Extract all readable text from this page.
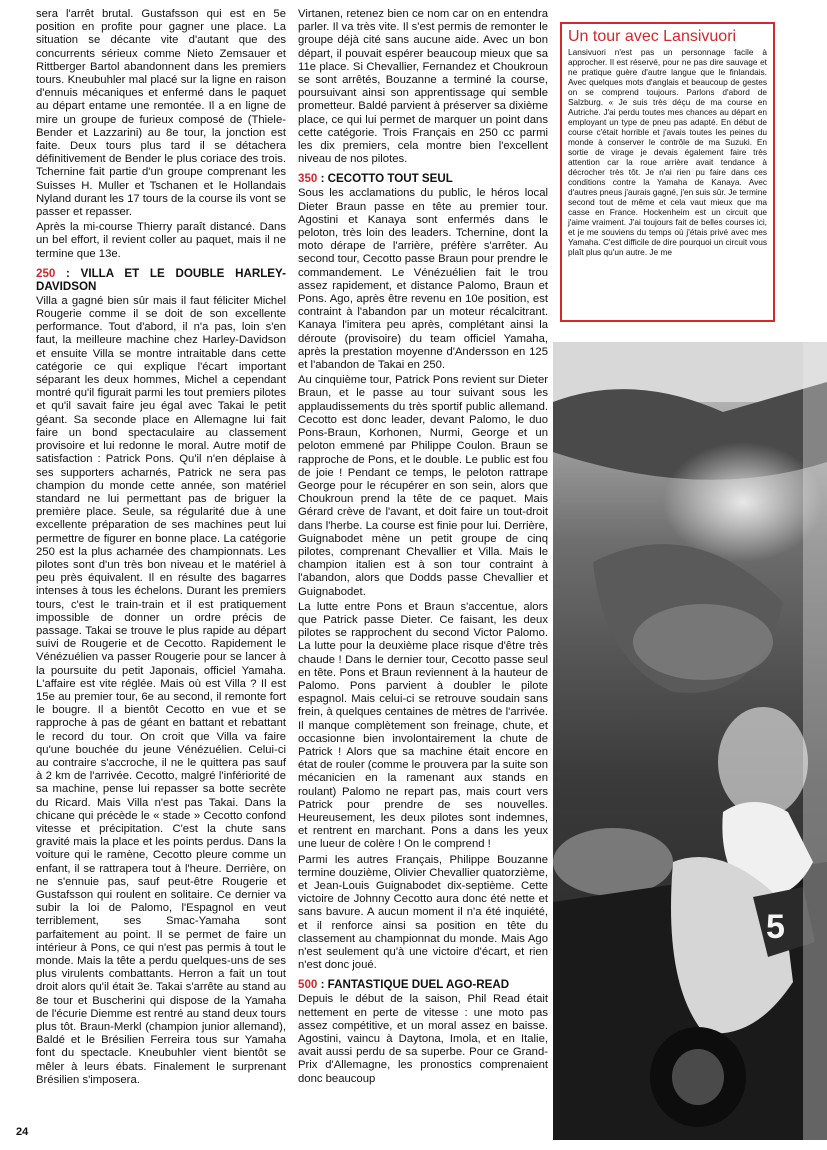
sera l'arrêt brutal. Gustafsson qui est en 5e position en profite pour gagner une place. La situation se décante vite d'autant que des concurrents sérieux comme Nieto Zemsauer et Rittberger Bartol abandonnent dans les premiers tours. Kneubuhler mal placé sur la ligne en raison d'ennuis mécaniques et enfermé dans le paquet au départ entame une remontée. Il a en ligne de mire un groupe de furieux composé de (Thiele-Bender et Lazzarini) au 8e tour, la jonction est faite. Deux tours plus tard il se détachera définitivement de Bender le plus coriace des trois. Tchernine fait partie d'un groupe comprenant les Suisses H. Muller et Tschanen et le Hollandais Nyland durant les 17 tours de la course ils vont se passer et repasser.

Après la mi-course Thierry paraît distancé. Dans un bel effort, il revient coller au paquet, mais il ne termine que 13e.

250 : VILLA ET LE DOUBLE HARLEY-DAVIDSON

Villa a gagné bien sûr mais il faut féliciter Michel Rougerie comme il se doit de son excellente performance. Tout d'abord, il n'a pas, loin s'en faut, la meilleure machine chez Harley-Davidson et ensuite Villa se montre intraitable dans cette catégorie ce qui explique l'écart important séparant les deux hommes, Michel a cependant montré qu'il figurait parmi les tout premiers pilotes et qu'il savait faire jeu égal avec Takai le petit géant. Sa seconde place en Allemagne lui fait faire un bond spectaculaire au classement provisoire et lui redonne le moral. Autre motif de satisfaction : Patrick Pons. Qu'il n'en déplaise à ses supporters acharnés, Patrick ne sera pas champion du monde cette année, son matériel standard ne lui permettant pas de briguer la première place. Seule, sa régularité due à une excellente préparation de ses machines peut lui permettre de figurer en bonne place. La catégorie 250 est la plus acharnée des championnats. Les pilotes sont d'un très bon niveau et le matériel à peu près équivalent. Il en résulte des bagarres intenses à tous les échelons. Durant les premiers tours, c'est le train-train et il est pratiquement impossible de donner un ordre précis de passage. Takai se trouve le plus rapide au départ suivi de Rougerie et de Cecotto. Rapidement le Vénézuélien va passer Rougerie pour se lancer à la poursuite du petit Japonais, officiel Yamaha. L'affaire est vite réglée. Mais où est Villa ? Il est 15e au premier tour, 6e au second, il remonte fort le bougre. Il a bientôt Cecotto en vue et se rapproche à pas de géant en battant et rebattant le record du tour. On croit que Villa va faire qu'une bouchée du jeune Vénézuélien. Celui-ci au contraire s'accroche, il ne le quittera pas sauf à 2 km de l'arrivée. Cecotto, malgré l'infériorité de sa machine, pense lui repasser sa botte secrète du Ricard. Mais Villa n'est pas Takai. Dans la chicane qui précède le « stade » Cecotto confond vitesse et précipitation. C'est la chute sans gravité mais la place et les points perdus. Dans la voiture qui le ramène, Cecotto pleure comme un enfant, il se rattrapera tout à l'heure. Derrière, on ne s'ennuie pas, sauf peut-être Rougerie et Gustafsson qui roulent en solitaire. Ce dernier va subir la loi de Palomo, l'Espagnol en veut terriblement, ses Smac-Yamaha sont parfaitement au point. Il se permet de faire un intérieur à Pons, ce qui n'est pas permis à tout le monde. Mais la tête a perdu quelques-uns de ses plus virulents combattants. Herron a fait un tout droit alors qu'il était 3e. Takai s'arrête au stand au 8e tour et Buscherini qui dispose de la Yamaha de l'écurie Diemme est rentré au stand deux tours plus tôt. Braun-Merkl (champion junior allemand), Baldé et le Brésilien Ferreira tous sur Yamaha font du spectacle. Kneubuhler vient bientôt se mêler à leurs ébats. Finalement le surprenant Brésilien s'imposera.

Virtanen, retenez bien ce nom car on en entendra parler. Il va très vite. Il s'est permis de remonter le groupe déjà cité sans aucune aide. Avec un bon départ, il pouvait espérer beaucoup mieux que sa 11e place. Si Chevallier, Fernandez et Choukroun se sont arrêtés, Bouzanne a terminé la course, poursuivant ainsi son apprentissage qui semble prometteur. Baldé parvient à préserver sa dixième place, ce qui lui permet de marquer un point dans cette catégorie. Trois Français en 250 cc parmi les dix premiers, cela montre bien l'excellent niveau de nos pilotes.

350 : CECOTTO TOUT SEUL

Sous les acclamations du public, le héros local Dieter Braun passe en tête au premier tour. Agostini et Kanaya sont enfermés dans le peloton, très loin des leaders. Tchernine, dont la moto dérape de l'arrière, préfère s'arrêter. Au second tour, Cecotto passe Braun pour prendre le commandement. Le Vénézuélien fait le trou assez rapidement, et distance Palomo, Braun et Pons. Ago, après être revenu en 10e position, est contraint à l'abandon par un moteur récalcitrant. Kanaya l'imitera peu après, complétant ainsi la déroute (provisoire) du team officiel Yamaha, après la prestation moyenne d'Andersson en 125 et l'abandon de Takai en 250.

Au cinquième tour, Patrick Pons revient sur Dieter Braun, et le passe au tour suivant sous les applaudissements du très sportif public allemand. Cecotto est donc leader, devant Palomo, le duo Pons-Braun, Korhonen, Nurmi, George et un peloton emmené par Philippe Coulon. Braun se rapproche de Pons, et le double. Le public est fou de joie ! Pendant ce temps, le peloton rattrape George pour le récupérer en son sein, alors que Choukroun prend la tête de ce paquet. Mais Gérard crève de l'avant, et doit faire un tout-droit dans l'herbe. La course est finie pour lui. Derrière, Guignabodet mène un petit groupe de cinq pilotes, comprenant Chevallier et Villa. Mais le champion italien est à son tour contraint à l'abandon, alors que Dodds passe Chevallier et Guignabodet.

La lutte entre Pons et Braun s'accentue, alors que Patrick passe Dieter. Ce faisant, les deux pilotes se rapprochent du second Victor Palomo. La lutte pour la deuxième place risque d'être très chaude ! Dans le dernier tour, Cecotto passe seul en tête. Pons et Braun reviennent à la hauteur de Palomo. Pons parvient à doubler le pilote espagnol. Mais celui-ci se retrouve soudain sans frein, à quelques centaines de mètres de l'arrivée. Il manque complètement son freinage, chute, et occasionne bien involontairement la chute de Patrick ! Alors que sa machine était encore en état de rouler (comme le prouvera par la suite son mécanicien en la ramenant aux stands en roulant) Palomo ne repart pas, mais court vers Patrick pour prendre de ses nouvelles. Heureusement, les deux pilotes sont indemnes, et rentrent en marchant. Pons a dans les yeux une lueur de colère ! On le comprend !

Parmi les autres Français, Philippe Bouzanne termine douzième, Olivier Chevallier quatorzième, et Jean-Louis Guignabodet dix-septième. Cette victoire de Johnny Cecotto aura donc été nette et sans bavure. A aucun moment il n'a été inquiété, et il renforce ainsi sa position en tête du classement au championnat du monde. Mais Ago n'est seulement qu'à une victoire d'écart, et rien n'est donc joué.

500 : FANTASTIQUE DUEL AGO-READ

Depuis le début de la saison, Phil Read était nettement en perte de vitesse : une moto pas assez compétitive, et un moral assez en baisse. Agostini, vaincu à Daytona, Imola, et en Italie, avait aussi perdu de sa superbe. Pour ce Grand-Prix d'Allemagne, les pronostics comprenaient donc beaucoup

Un tour avec Lansivuori
Lansivuori n'est pas un personnage facile à approcher. Il est réservé, pour ne pas dire sauvage et ne pratique guère d'autre langue que le finlandais. Avec quelques mots d'anglais et beaucoup de gestes on se comprend toujours. Parlons d'abord de Salzburg. « Je suis très déçu de ma course en Autriche. J'ai perdu toutes mes chances au départ en employant un type de pneu pas adapté. En début de course c'était horrible et j'avais toutes les peines du monde à conserver le contrôle de ma Suzuki. En sortie de virage je devais également faire très attention car la roue arrière avait tendance à décrocher très tôt. Je n'ai rien pu faire dans ces conditions contre la Yamaha de Kanaya. Avec d'autres pneus j'aurais gagné, j'en suis sûr. Je termine second tout de même et cela vaut mieux que ma casse en France. Hockenheim est un circuit que j'aime vraiment. J'ai toujours fait de belles courses ici, et je me souviens du temps où j'étais privé avec mes Yamaha. C'est difficile de dire pourquoi un circuit vous plaît plus qu'un autre. Je me
5
24
